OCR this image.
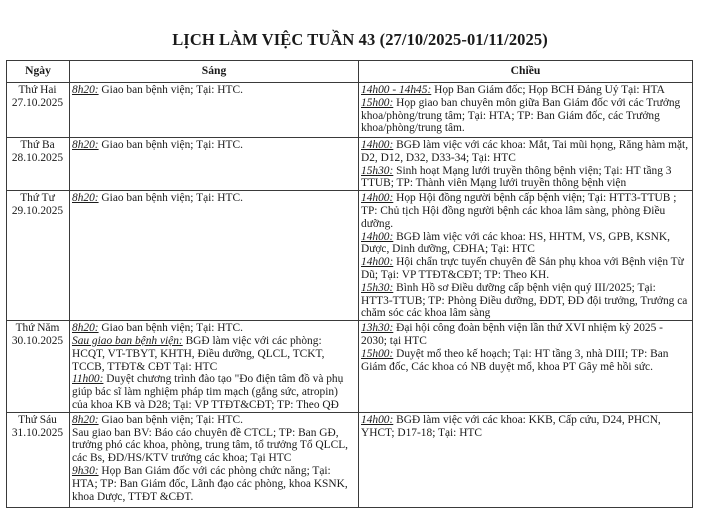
LỊCH LÀM VIỆC TUẦN 43 (27/10/2025-01/11/2025)
Ngày	Sáng	Chiều

Thứ Hai
27.10.2025	8h20: Giao ban bệnh viện; Tại: HTC.	14h00 - 14h45: Họp Ban Giám đốc; Họp BCH Đảng Uỷ Tại: HTA
15h00: Họp giao ban chuyên môn giữa Ban Giám đốc với các Trưởng khoa/phòng/trung tâm; Tại: HTA; TP: Ban Giám đốc, các Trưởng khoa/phòng/trung tâm.

Thứ Ba
28.10.2025	8h20: Giao ban bệnh viện; Tại: HTC.	14h00: BGĐ làm việc với các khoa: Mắt, Tai mũi họng, Răng hàm mặt, D2, D12, D32, D33-34; Tại: HTC
15h30: Sinh hoạt Mạng lưới truyền thông bệnh viện; Tại: HT tầng 3 TTUB; TP: Thành viên Mạng lưới truyền thông bệnh viện

Thứ Tư
29.10.2025	8h20: Giao ban bệnh viện; Tại: HTC.	14h00: Họp Hội đồng người bệnh cấp bệnh viện; Tại: HTT3-TTUB ; TP: Chủ tịch Hội đồng người bệnh các khoa lâm sàng, phòng Điều dưỡng.
14h00: BGĐ làm việc với các khoa: HS, HHTM, VS, GPB, KSNK, Dược, Dinh dưỡng, CĐHA; Tại: HTC
14h00: Hội chẩn trực tuyến chuyên đề Sản phụ khoa với Bệnh viện Từ Dũ; Tại: VP TTĐT&CĐT; TP: Theo KH.
15h30: Bình Hồ sơ Điều dưỡng cấp bệnh viện quý III/2025; Tại: HTT3-TTUB; TP: Phòng Điều dưỡng, ĐDT, ĐD đội trưởng, Trưởng ca chăm sóc các khoa lâm sàng

Thứ Năm
30.10.2025	8h20: Giao ban bệnh viện; Tại: HTC.
Sau giao ban bệnh viện: BGĐ làm việc với các phòng: HCQT, VT-TBYT, KHTH, Điều dưỡng, QLCL, TCKT, TCCB, TTĐT& CĐT Tại: HTC
11h00: Duyệt chương trình đào tạo "Đo điện tâm đồ và phụ giúp bác sĩ làm nghiệm pháp tim mạch (gắng sức, atropin) của khoa KB và D28; Tại: VP TTĐT&CĐT; TP: Theo QĐ	13h30: Đại hội công đoàn bệnh viện lần thứ XVI nhiệm kỳ 2025 - 2030; tại HTC
15h00: Duyệt mổ theo kế hoạch; Tại: HT tầng 3, nhà DIII; TP: Ban Giám đốc, Các khoa có NB duyệt mổ, khoa PT Gây mê hồi sức.

Thứ Sáu
31.10.2025	8h20: Giao ban bệnh viện; Tại: HTC.
Sau giao ban BV: Báo cáo chuyên đề CTCL; TP: Ban GĐ, trưởng phó các khoa, phòng, trung tâm, tổ trưởng Tổ QLCL, các Bs, ĐD/HS/KTV trưởng các khoa; Tại HTC
9h30: Họp Ban Giám đốc với các phòng chức năng; Tại: HTA; TP: Ban Giám đốc, Lãnh đạo các phòng, khoa KSNK, khoa Dược, TTĐT &CĐT.	14h00: BGĐ làm việc với các khoa: KKB, Cấp cứu, D24, PHCN, YHCT; D17-18; Tại: HTC
